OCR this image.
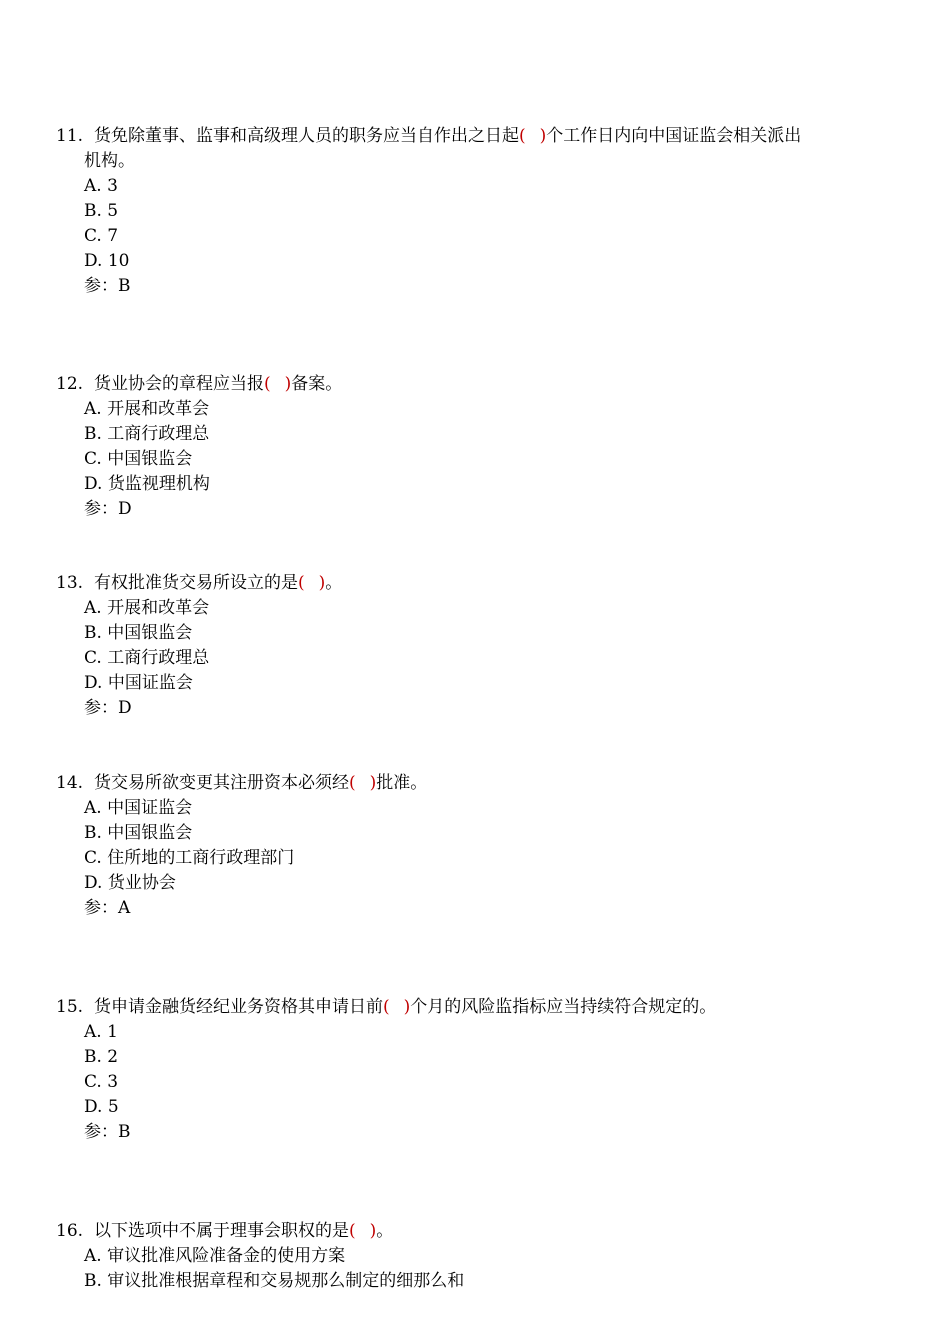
11. 货免除董事、监事和高级理人员的职务应当自作出之日起( )个工作日内向中国证监会相关派出
机构。
A. 3
B. 5
C. 7
D. 10
参：B
12. 货业协会的章程应当报( )备案。
A. 开展和改革会
B. 工商行政理总
C. 中国银监会
D. 货监视理机构
参：D
13. 有权批准货交易所设立的是( )。
A. 开展和改革会
B. 中国银监会
C. 工商行政理总
D. 中国证监会
参：D
14. 货交易所欲变更其注册资本必须经( )批准。
A. 中国证监会
B. 中国银监会
C. 住所地的工商行政理部门
D. 货业协会
参：A
15. 货申请金融货经纪业务资格其申请日前( )个月的风险监指标应当持续符合规定的。
A. 1
B. 2
C. 3
D. 5
参：B
16. 以下选项中不属于理事会职权的是( )。
A. 审议批准风险准备金的使用方案
B. 审议批准根据章程和交易规那么制定的细那么和
